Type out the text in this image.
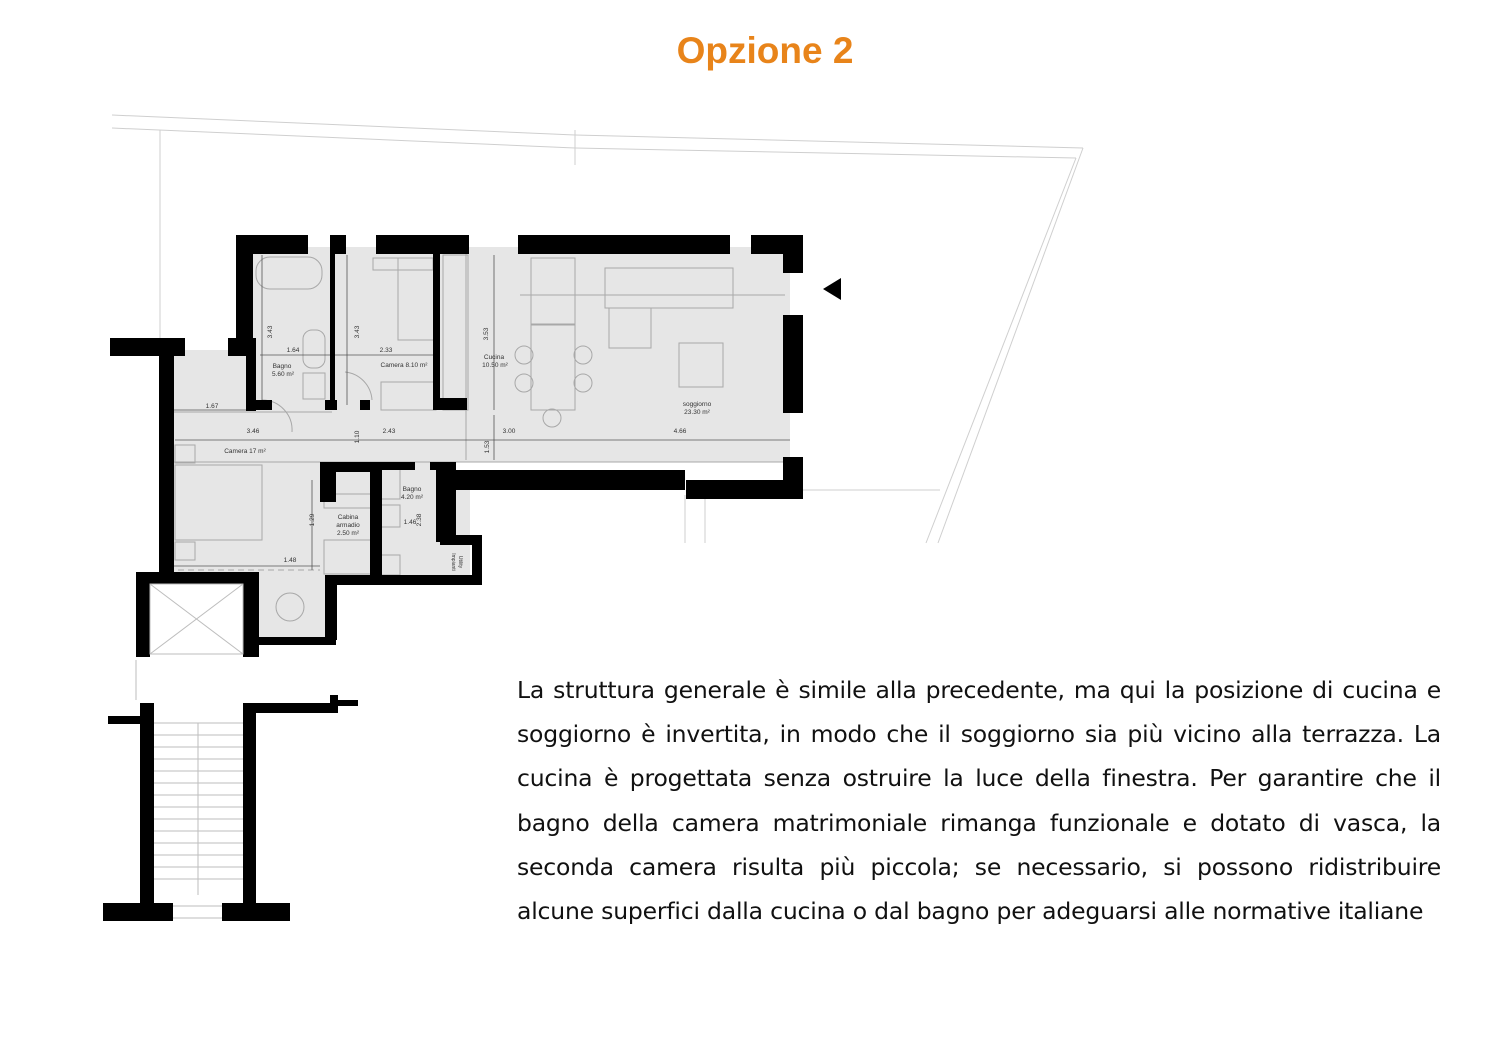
Opzione 2
Bagno
5.60 m²
Camera 8.10 m²
Cucina
10.50 m²
soggiorno
23.30 m²
Camera 17 m²
Bagno
4.20 m²
Cabina
armadio
2.50 m²
Impianti Utility
3.43	3.43	3.53
1.64	2.33
1.67
3.46	1.10	2.43	3.00	4.66
1.53
1.29	1.46 2.38
1.48
La struttura generale è simile alla precedente, ma qui la posizione di cucina e soggiorno è invertita, in modo che il soggiorno sia più vicino alla terrazza. La cucina è progettata senza ostruire la luce della finestra. Per garantire che il bagno della camera matrimoniale rimanga funzionale e dotato di vasca, la seconda camera risulta più piccola; se necessario, si possono ridistribuire alcune superfici dalla cucina o dal bagno per adeguarsi alle normative italiane
